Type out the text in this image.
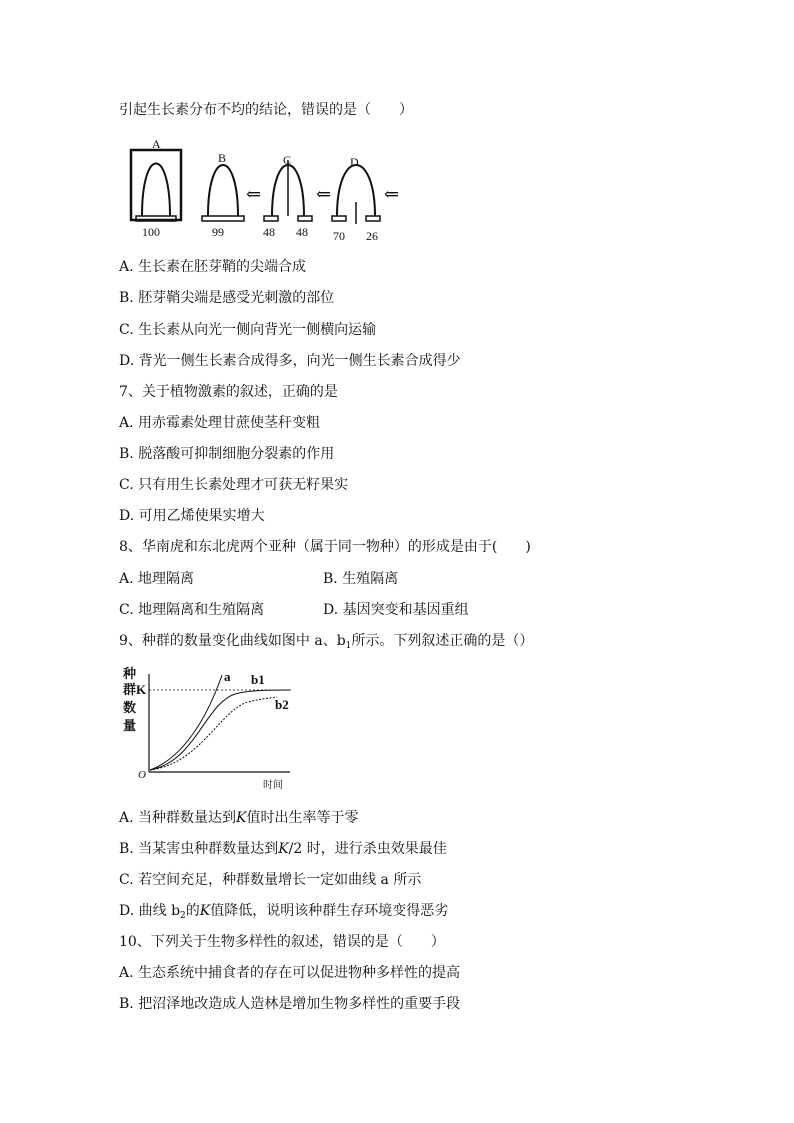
引起生长素分布不均的结论，错误的是（　　）
A
B	C	D
100	99	48 48 70 26
⇐	⇐	⇐
A. 生长素在胚芽鞘的尖端合成
B. 胚芽鞘尖端是感受光刺激的部位
C. 生长素从向光一侧向背光一侧横向运输
D. 背光一侧生长素合成得多，向光一侧生长素合成得少
7、关于植物激素的叙述，正确的是
A. 用赤霉素处理甘蔗使茎秆变粗
B. 脱落酸可抑制细胞分裂素的作用
C. 只有用生长素处理才可获无籽果实
D. 可用乙烯使果实增大
8、华南虎和东北虎两个亚种（属于同一物种）的形成是由于(　　)
A. 地理隔离	B. 生殖隔离
C. 地理隔离和生殖隔离	D. 基因突变和基因重组
9、种群的数量变化曲线如图中 a、$b_1$所示。下列叙述正确的是（）
种
群
数
量
K
a b1
b2
O
时间
A. 当种群数量达到K值时出生率等于零
B. 当某害虫种群数量达到K/2 时，进行杀虫效果最佳
C. 若空间充足，种群数量增长一定如曲线 a 所示
D. 曲线 $b_2$的K值降低，说明该种群生存环境变得恶劣
10、下列关于生物多样性的叙述，错误的是（　　）
A. 生态系统中捕食者的存在可以促进物种多样性的提高
B. 把沼泽地改造成人造林是增加生物多样性的重要手段
